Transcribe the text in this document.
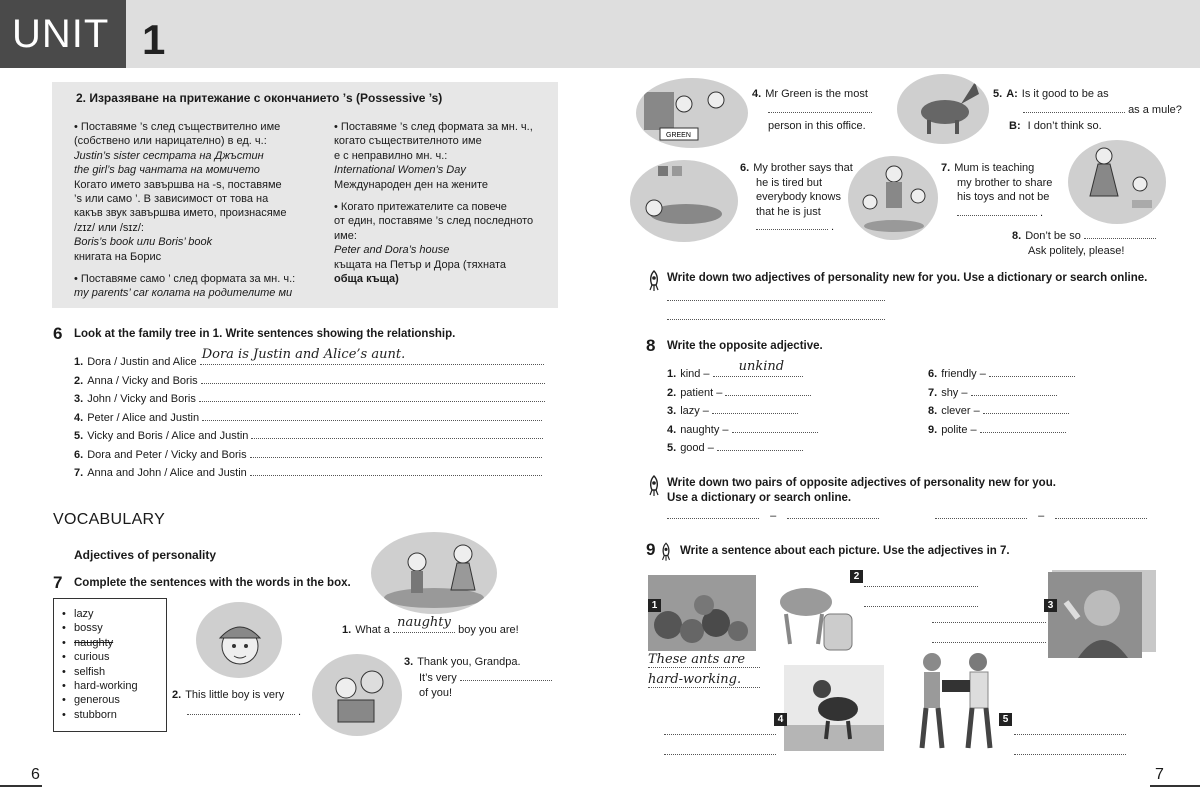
UNIT 1
2. Изразяване на притежание с окончанието ’s (Possessive ’s)

• Поставяме ’s след съществително име
(собствено или нарицателно) в ед. ч.:
Justin’s sister сестрата на Джъстин
the girl’s bag чантата на момичето
Когато името завършва на -s, поставяме
’s или само ’. В зависимост от това на
какъв звук завършва името, произнасяме
/zɪz/ или /sɪz/:
Boris’s book или Boris’ book
книгата на Борис

• Поставяме само ’ след формата за мн. ч.:
my parents’ car колата на родителите ми

• Поставяме ’s след формата за мн. ч.,
когато съществителното име
е с неправилно мн. ч.:
International Women’s Day
Международен ден на жените

• Когато притежателите са повече
от един, поставяме ’s след последното
име:
Peter and Dora’s house
къщата на Петър и Дора (тяхната
обща къща)

6 Look at the family tree in 1. Write sentences showing the relationship.
1. Dora / Justin and Alice Dora is Justin and Alice’s aunt.
2. Anna / Vicky and Boris
3. John / Vicky and Boris
4. Peter / Alice and Justin
5. Vicky and Boris / Alice and Justin
6. Dora and Peter / Vicky and Boris
7. Anna and John / Alice and Justin
VOCABULARY
Adjectives of personality
7 Complete the sentences with the words in the box.
• lazy
• bossy
• naughty
• curious
• selfish
• hard-working
• generous
• stubborn
2. This little boy is very
.
1. What a naughty boy you are!
3. Thank you, Grandpa.
It’s very
of you!
GREEN
4. Mr Green is the most

person in this office.
5. A: Is it good to be as
as a mule?
B: I don’t think so.
6. My brother says that
he is tired but
everybody knows
that he is just
.
7. Mum is teaching
my brother to share
his toys and not be
.
8. Don’t be so
Ask politely, please!
Write down two adjectives of personality new for you. Use a dictionary or search online.
8 Write the opposite adjective.
1. kind – unkind
2. patient –
3. lazy –
4. naughty –
5. good –
6. friendly –
7. shy –
8. clever –
9. polite –
Write down two pairs of opposite adjectives of personality new for you.
Use a dictionary or search online.
–	–
9 Write a sentence about each picture. Use the adjectives in 7.
1
These ants are

hard-working.
2

3
4	5

6	7
